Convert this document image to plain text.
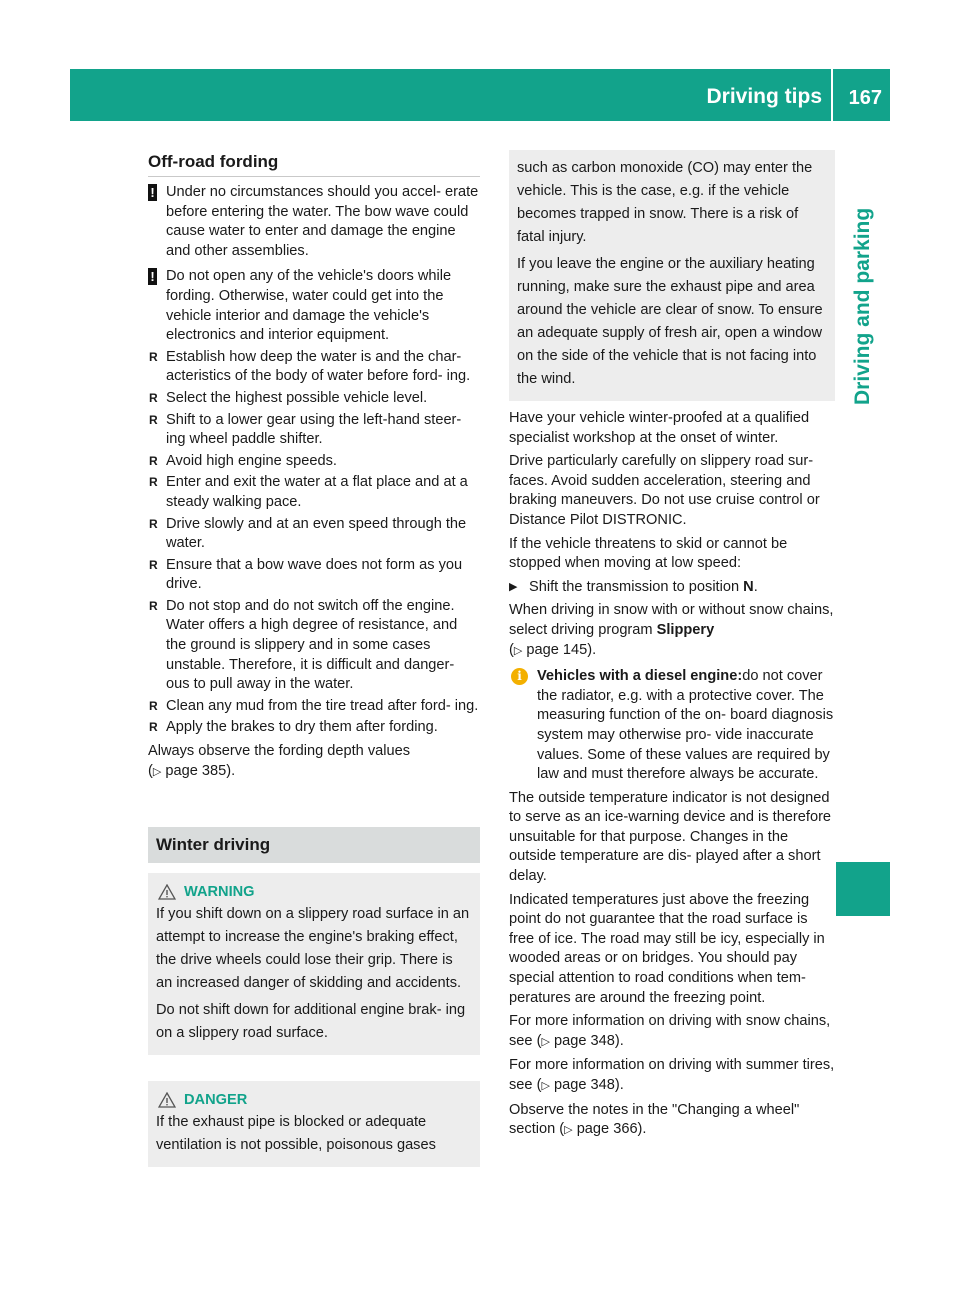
Driving tips 167
Driving and parking
Off-road fording
! Under no circumstances should you accel- erate before entering the water. The bow wave could cause water to enter and damage the engine and other assemblies.
! Do not open any of the vehicle's doors while fording. Otherwise, water could get into the vehicle interior and damage the vehicle's electronics and interior equipment.
R Establish how deep the water is and the char- acteristics of the body of water before ford- ing.
R Select the highest possible vehicle level.
R Shift to a lower gear using the left-hand steer- ing wheel paddle shifter.
R Avoid high engine speeds.
R Enter and exit the water at a flat place and at a steady walking pace.
R Drive slowly and at an even speed through the water.
R Ensure that a bow wave does not form as you drive.
R Do not stop and do not switch off the engine. Water offers a high degree of resistance, and the ground is slippery and in some cases unstable. Therefore, it is difficult and danger- ous to pull away in the water.
R Clean any mud from the tire tread after ford- ing.
R Apply the brakes to dry them after fording.

Always observe the fording depth values
(▷ page 385).

Winter driving
WARNING

If you shift down on a slippery road surface in an attempt to increase the engine's braking effect, the drive wheels could lose their grip. There is an increased danger of skidding and accidents.

Do not shift down for additional engine brak- ing on a slippery road surface.

DANGER

If the exhaust pipe is blocked or adequate ventilation is not possible, poisonous gases

such as carbon monoxide (CO) may enter the vehicle. This is the case, e.g. if the vehicle becomes trapped in snow. There is a risk of fatal injury.

If you leave the engine or the auxiliary heating running, make sure the exhaust pipe and area around the vehicle are clear of snow. To ensure an adequate supply of fresh air, open a window on the side of the vehicle that is not facing into the wind.

Have your vehicle winter-proofed at a qualified specialist workshop at the onset of winter.

Drive particularly carefully on slippery road sur- faces. Avoid sudden acceleration, steering and braking maneuvers. Do not use cruise control or Distance Pilot DISTRONIC.

If the vehicle threatens to skid or cannot be stopped when moving at low speed:

▶ Shift the transmission to position N.

When driving in snow with or without snow chains, select driving program Slippery
(▷ page 145).

i	Vehicles with a diesel engine:do not cover the radiator, e.g. with a protective cover. The measuring function of the on- board diagnosis system may otherwise pro- vide inaccurate values. Some of these values are required by law and must therefore always be accurate.

The outside temperature indicator is not designed to serve as an ice-warning device and is therefore unsuitable for that purpose. Changes in the outside temperature are dis- played after a short delay.

Indicated temperatures just above the freezing point do not guarantee that the road surface is free of ice. The road may still be icy, especially in wooded areas or on bridges. You should pay special attention to road conditions when tem- peratures are around the freezing point.

For more information on driving with snow chains, see (▷ page 348).

For more information on driving with summer tires, see (▷ page 348).

Observe the notes in the "Changing a wheel" section (▷ page 366).
